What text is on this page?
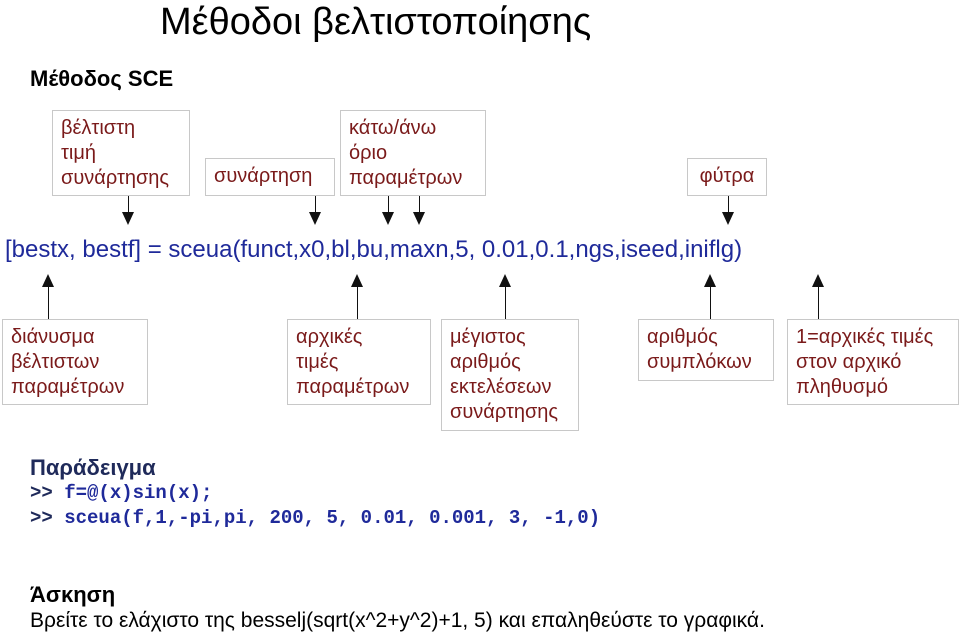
Μέθοδοι βελτιστοποίησης
Μέθοδος SCE
βέλτιστη
τιμή
συνάρτησης	συνάρτηση
κάτω/άνω
όριο
παραμέτρων	φύτρα
[bestx, bestf] = sceua(funct,x0,bl,bu,maxn,5, 0.01,0.1,ngs,iseed,iniflg)
διάνυσμα
βέλτιστων
παραμέτρων
αρχικές
τιμές
παραμέτρων
μέγιστος
αριθμός
εκτελέσεων
συνάρτησης
αριθμός
συμπλόκων
1=αρχικές τιμές
στον αρχικό
πληθυσμό
Παράδειγμα
>> f=@(x)sin(x);
>> sceua(f,1,-pi,pi, 200, 5, 0.01, 0.001, 3, -1,0)
Άσκηση
Βρείτε το ελάχιστο της besselj(sqrt(x^2+y^2)+1, 5) και επαληθεύστε το γραφικά.
